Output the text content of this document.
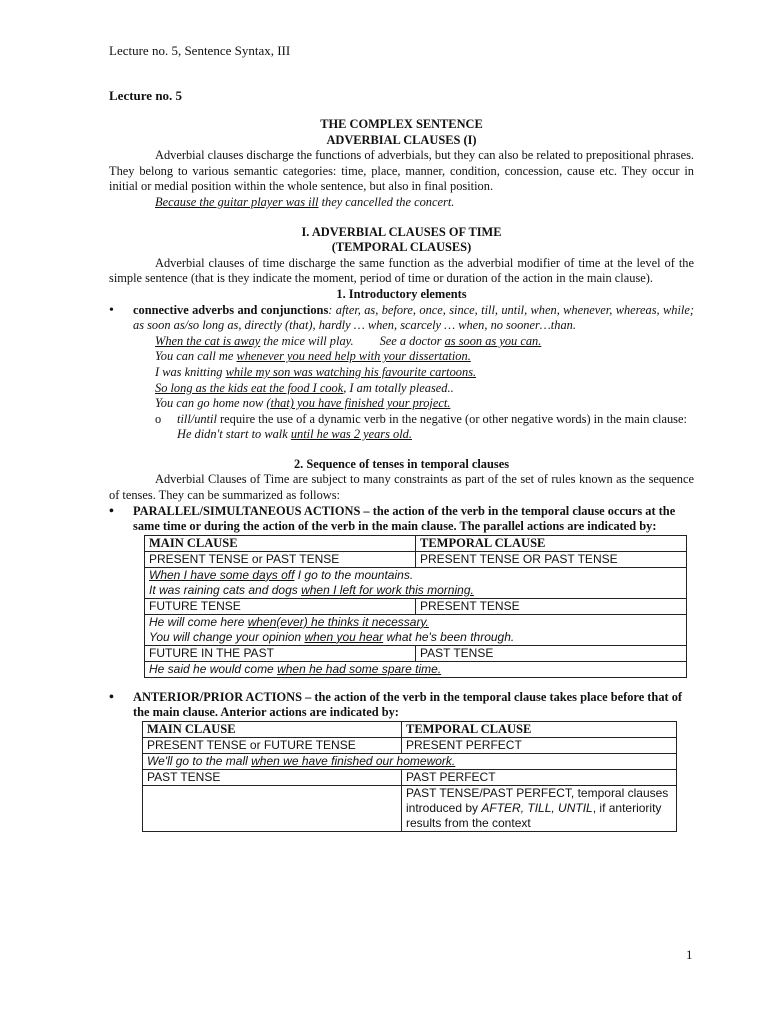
Lecture no. 5, Sentence Syntax, III
Lecture no. 5
THE COMPLEX SENTENCE
ADVERBIAL CLAUSES (I)
Adverbial clauses discharge the functions of adverbials, but they can also be related to prepositional phrases. They belong to various semantic categories: time, place, manner, condition, concession, cause etc. They occur in initial or medial position within the whole sentence, but also in final position.
Because the guitar player was ill they cancelled the concert.
I. ADVERBIAL CLAUSES OF TIME
(TEMPORAL CLAUSES)
Adverbial clauses of time discharge the same function as the adverbial modifier of time at the level of the simple sentence (that is they indicate the moment, period of time or duration of the action in the main clause).
1. Introductory elements
• connective adverbs and conjunctions: after, as, before, once, since, till, until, when, whenever, whereas, while; as soon as/so long as, directly (that), hardly … when, scarcely … when, no sooner…than.
When the cat is away the mice will play. See a doctor as soon as you can.
You can call me whenever you need help with your dissertation.
I was knitting while my son was watching his favourite cartoons.
So long as the kids eat the food I cook, I am totally pleased..
You can go home now (that) you have finished your project.
o till/until require the use of a dynamic verb in the negative (or other negative words) in the main clause: He didn't start to walk until he was 2 years old.
2. Sequence of tenses in temporal clauses
Adverbial Clauses of Time are subject to many constraints as part of the set of rules known as the sequence of tenses. They can be summarized as follows:
• PARALLEL/SIMULTANEOUS ACTIONS – the action of the verb in the temporal clause occurs at the same time or during the action of the verb in the main clause. The parallel actions are indicated by:
MAIN CLAUSE	TEMPORAL CLAUSE
PRESENT TENSE or PAST TENSE	PRESENT TENSE OR PAST TENSE

When I have some days off I go to the mountains.
It was raining cats and dogs when I left for work this morning.	

FUTURE TENSE	PRESENT TENSE

He will come here when(ever) he thinks it necessary.
You will change your opinion when you hear what he's been through.	

FUTURE IN THE PAST	PAST TENSE
He said he would come when he had some spare time.	
• ANTERIOR/PRIOR ACTIONS – the action of the verb in the temporal clause takes place before that of the main clause. Anterior actions are indicated by:
MAIN CLAUSE	TEMPORAL CLAUSE
PRESENT TENSE or FUTURE TENSE	PRESENT PERFECT
We'll go to the mall when we have finished our homework.	
PAST TENSE	PAST PERFECT
	PAST TENSE/PAST PERFECT, temporal clauses introduced by AFTER, TILL, UNTIL, if anteriority results from the context
1
